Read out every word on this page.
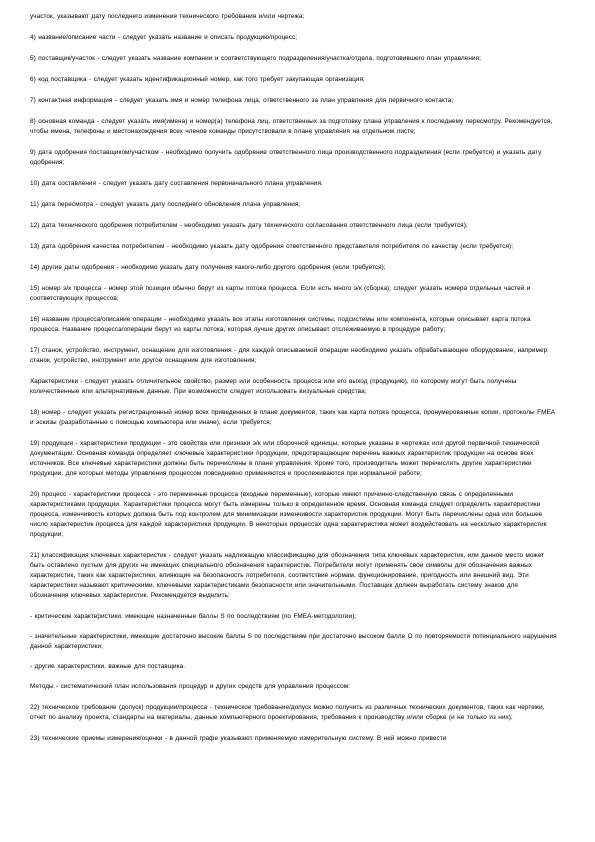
участок, указывают дату последнего изменения технического требования и/или чертежа;

4) название/описание части - следует указать название и описать продукцию/процесс;

5) поставщик/участок - следует указать название компании и соответствующего подразделения/участка/отдела, подготовившего план управления;

6) код поставщика - следует указать идентификационный номер, как того требует закупающая организация;

7) контактная информация - следует указать имя и номер телефона лица, ответственного за план управления для первичного контакта;

8) основная команда - следует указать имя(имена) и номер(а) телефона лиц, ответственных за подготовку плана управления к последнему пересмотру. Рекомендуется, чтобы имена, телефоны и местонахождения всех членов команды присутствовали в плане управления на отдельном листе;

9) дата одобрения поставщиком/участком - необходимо получить одобрение ответственного лица производственного подразделения (если требуется) и указать дату одобрения;

10) дата составления - следует указать дату составления первоначального плана управления;

11) дата пересмотра - следует указать дату последнего обновления плана управления;

12) дата технического одобрения потребителем - необходимо указать дату технического согласования ответственного лица (если требуется);

13) дата одобрения качества потребителем - необходимо указать дату одобрения ответственного представителя потребителя по качеству (если требуется);

14) другие даты одобрения - необходимо указать дату получения какого-либо другого одобрения (если требуется);

15) номер э/к процесса - номер этой позиции обычно берут из карты потока процесса. Если есть много э/к (сборка), следует указать номера отдельных частей и соответствующих процессов;

16) название процесса/описание операции - необходимо указать все этапы изготовления системы, подсистемы или компонента, которые описывает карта потока процесса. Название процесса/операции берут из карты потока, которая лучше других описывает отслеживаемую в процедуре работу;

17) станок, устройство, инструмент, оснащение для изготовления - для каждой описываемой операции необходимо указать обрабатывающее оборудование, например станок, устройство, инструмент или другое оснащение для изготовления;

Характеристики - следует указать отличительное свойство, размер или особенность процесса или его выход (продукцию), по которому могут быть получены количественные или альтернативные данные. При возможности следует использовать визуальные средства;

18) номер - следует указать регистрационный номер всех приведенных в плане документов, таких как карта потока процесса, пронумерованные копии, протоколы FMEA и эскизы (разработанные с помощью компьютера или иначе), если требуется;

19) продукция - характеристики продукции - это свойства или признаки э/к или сборочной единицы, которые указаны в чертежах или другой первичной технической документации. Основная команда определяет ключевые характеристики продукции, предотвращающие перечень важных характеристик продукции на основе всех источников. Все ключевые характеристики должны быть перечислены в плане управления. Кроме того, производитель может перечислить другие характеристики продукции, для которых методы управления процессом повседневно применяются и прослеживаются при нормальной работе;

20) процесс - характеристики процесса - это переменные процесса (входные переменные), которые имеют причинно-следственную связь с определенными характеристиками продукции. Характеристики процесса могут быть измерены только в определенное время. Основная команда следует определить характеристики процесса, изменчивость которых должна быть под контролем для минимизации изменчивости характеристик продукции. Могут быть перечислены одна или большее число характеристик процесса для каждой характеристики продукции. В некоторых процессах одна характеристика может воздействовать на несколько характеристик продукции;

21) классификация ключевых характеристик - следует указать надлежащую классификацию для обозначения типа ключевых характеристик, или данное место может быть оставлено пустым для других не имеющих специального обозначения характеристик. Потребители могут применять свои символы для обозначения важных характеристик, таких как характеристики, влияющие на безопасность потребителя, соответствие нормам, функционирование, пригодность или внешний вид. Эти характеристики называют критическими, ключевыми характеристиками безопасности или значительными. Поставщик должен выработать систему знаков для обозначения ключевых характеристик. Рекомендуется выделить:

- критические характеристики, имеющие назначенные баллы S по последствиям (по FMEA-методологии);

- значительные характеристики, имеющие достаточно высокие баллы S по последствиям при достаточно высоком балле O по повторяемости потенциального нарушения данной характеристики;

- другие характеристики, важные для поставщика.

Методы - систематический план использования процедур и других средств для управления процессом:

22) техническое требование (допуск) продукции/процесса - техническое требование/допуск можно получить из различных технических документов, таких как чертежи, отчет по анализу проекта, стандарты на материалы, данные компьютерного проектирования, требования к производству и/или сборке (и не только из них);

23) технические приемы измерения/оценки - в данной графе указывают применяемую измерительную систему. В ней можно привести
